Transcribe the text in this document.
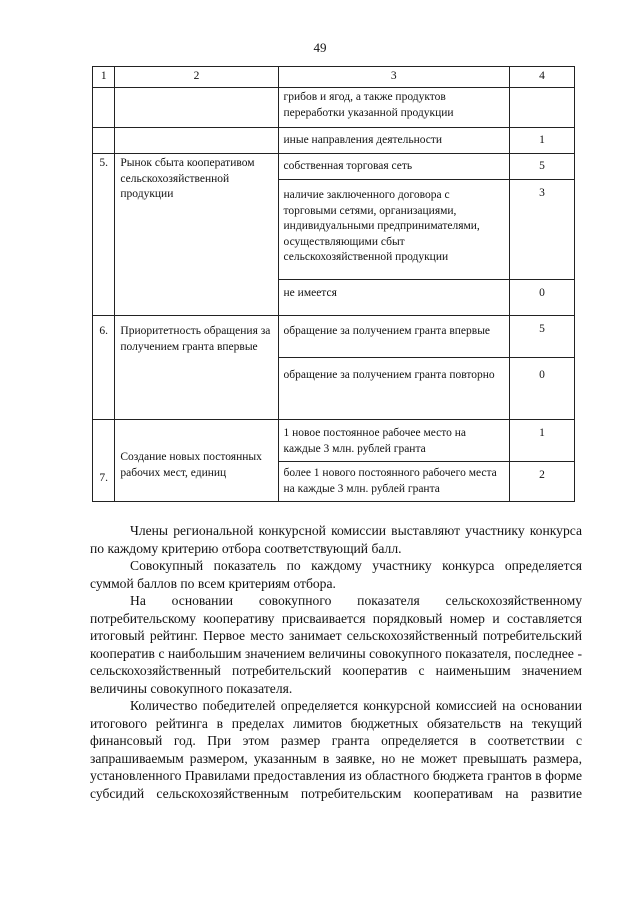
49
1	2	3	4
		грибов и ягод, а также продуктов переработки указанной продукции	
		иные направления деятельности	1
5.	Рынок сбыта кооперативом сельскохозяйственной продукции	собственная торговая сеть	5
		наличие заключенного договора с торговыми сетями, организациями, индивидуальными предпринимателями, осуществляющими сбыт сельскохозяйственной продукции	3
		не имеется	0
6.	Приоритетность обращения за получением гранта впервые	обращение за получением гранта впервые	5
		обращение за получением гранта повторно	0
7.	Создание новых постоянных рабочих мест, единиц	1 новое постоянное рабочее место на каждые 3 млн. рублей гранта	1
		более 1 нового постоянного рабочего места на каждые 3 млн. рублей гранта	2

Члены региональной конкурсной комиссии выставляют участнику конкурса по каждому критерию отбора соответствующий балл.

Совокупный показатель по каждому участнику конкурса определяется суммой баллов по всем критериям отбора.

На основании совокупного показателя сельскохозяйственному потребительскому кооперативу присваивается порядковый номер и составляется итоговый рейтинг. Первое место занимает сельскохозяйственный потребительский кооператив с наибольшим значением величины совокупного показателя, последнее - сельскохозяйственный потребительский кооператив с наименьшим значением величины совокупного показателя.

Количество победителей определяется конкурсной комиссией на основании итогового рейтинга в пределах лимитов бюджетных обязательств на текущий финансовый год. При этом размер гранта определяется в соответствии с запрашиваемым размером, указанным в заявке, но не может превышать размера, установленного Правилами предоставления из областного бюджета грантов в форме субсидий сельскохозяйственным потребительским кооперативам на развитие
